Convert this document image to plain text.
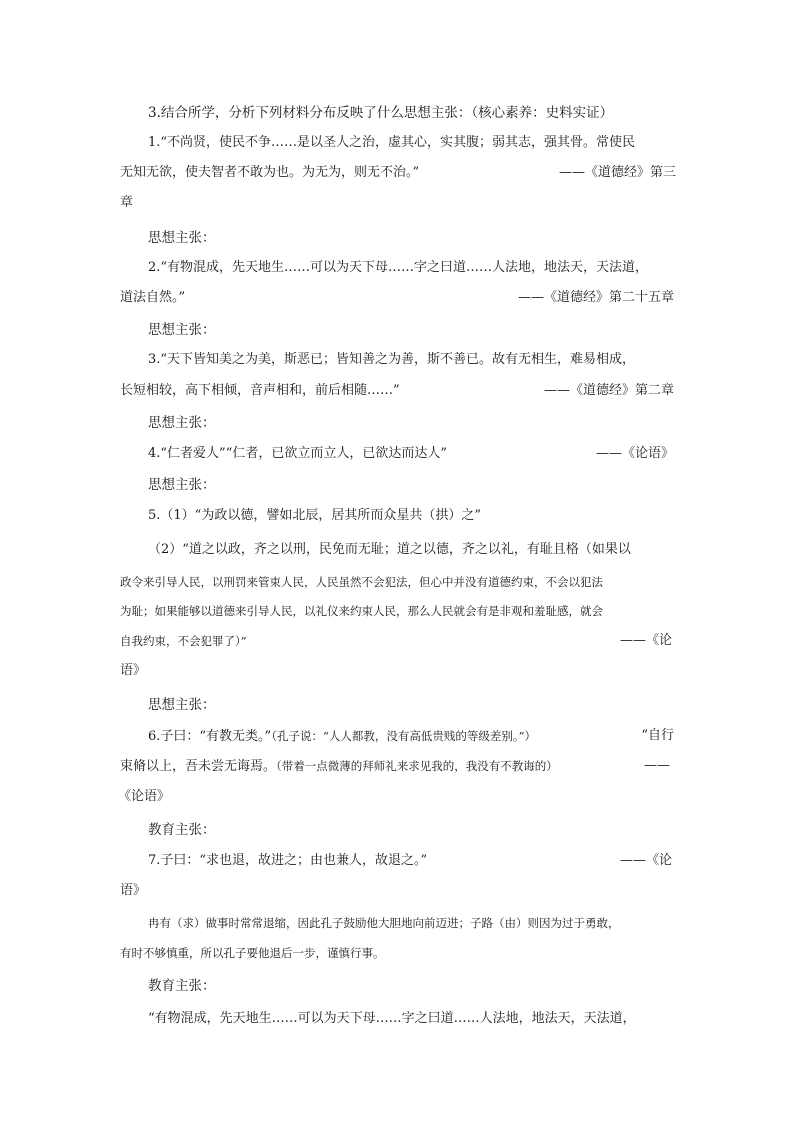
3.结合所学，分析下列材料分布反映了什么思想主张：（核心素养：史料实证）
1.“不尚贤，使民不争……是以圣人之治，虚其心，实其腹；弱其志，强其骨。常使民
无知无欲，使夫智者不敢为也。为无为，则无不治。”	——《道德经》第三
章
思想主张：
2.“有物混成，先天地生……可以为天下母……字之曰道……人法地，地法天，天法道，
道法自然。”	——《道德经》第二十五章
思想主张：
3.“天下皆知美之为美，斯恶已；皆知善之为善，斯不善已。故有无相生，难易相成，
长短相较，高下相倾，音声相和，前后相随……”	——《道德经》第二章
思想主张：
4.“仁者爱人”“仁者，已欲立而立人，已欲达而达人”	——《论语》
思想主张：
5.（1）“为政以德，譬如北辰，居其所而众星共（拱）之”
（2）“道之以政，齐之以刑，民免而无耻；道之以德，齐之以礼，有耻且格（如果以
政令来引导人民，以刑罚来管束人民，人民虽然不会犯法，但心中并没有道德约束，不会以犯法
为耻；如果能够以道德来引导人民，以礼仪来约束人民，那么人民就会有是非观和羞耻感，就会
自我约束，不会犯罪了）”	——《论
语》
思想主张：
6.子曰：“有教无类。”（孔子说：“人人都教，没有高低贵贱的等级差别。”）	“自行
束脩以上，吾未尝无诲焉。（带着一点微薄的拜师礼来求见我的，我没有不教诲的）	——
《论语》
教育主张：
7.子曰：“求也退，故进之；由也兼人，故退之。”	——《论
语》
冉有（求）做事时常常退缩，因此孔子鼓励他大胆地向前迈进；子路（由）则因为过于勇敢，
有时不够慎重，所以孔子要他退后一步，谨慎行事。
教育主张：
“有物混成，先天地生……可以为天下母……字之曰道……人法地，地法天，天法道，
